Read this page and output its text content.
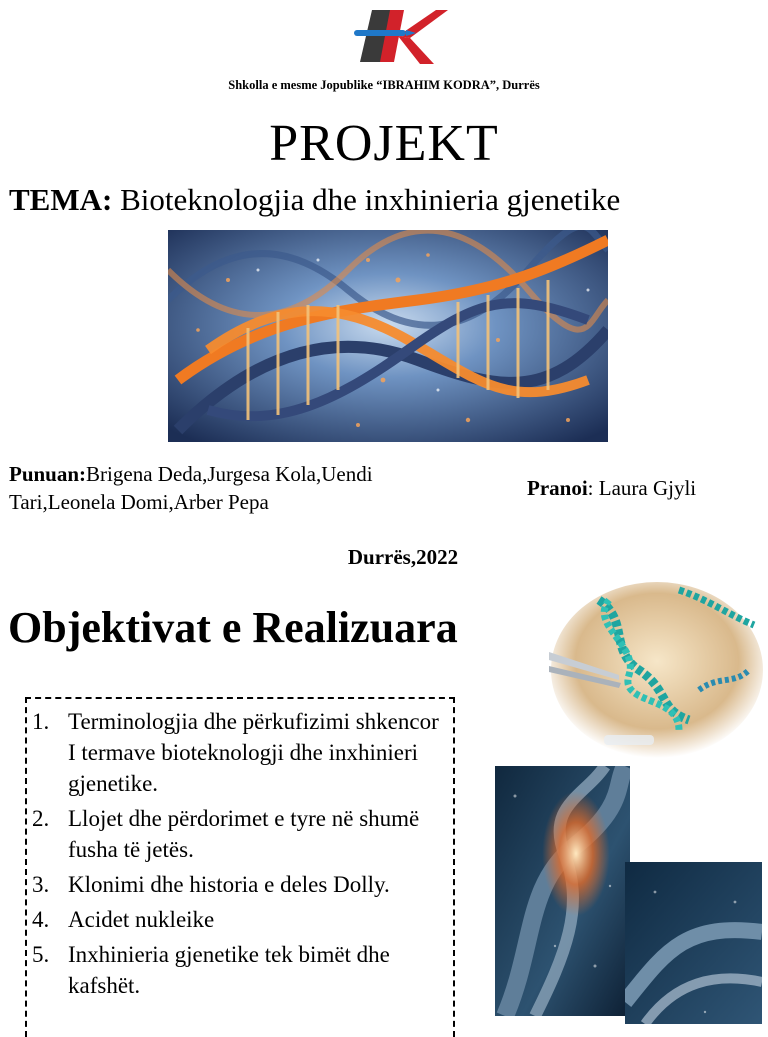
Shkolla e mesme Jopublike “IBRAHIM KODRA”, Durrës
PROJEKT
TEMA: Bioteknologjia dhe inxhinieria gjenetike
Punuan:Brigena Deda,Jurgesa Kola,Uendi Tari,Leonela Domi,Arber Pepa
Pranoi: Laura Gjyli
Durrës,2022
Objektivat e Realizuara
1. Terminologjia dhe përkufizimi shkencor I termave bioteknologji dhe inxhinieri gjenetike.
2. Llojet dhe përdorimet e tyre në shumë fusha të jetës.
3. Klonimi dhe historia e deles Dolly.
4. Acidet nukleike
5. Inxhinieria gjenetike tek bimët dhe kafshët.
